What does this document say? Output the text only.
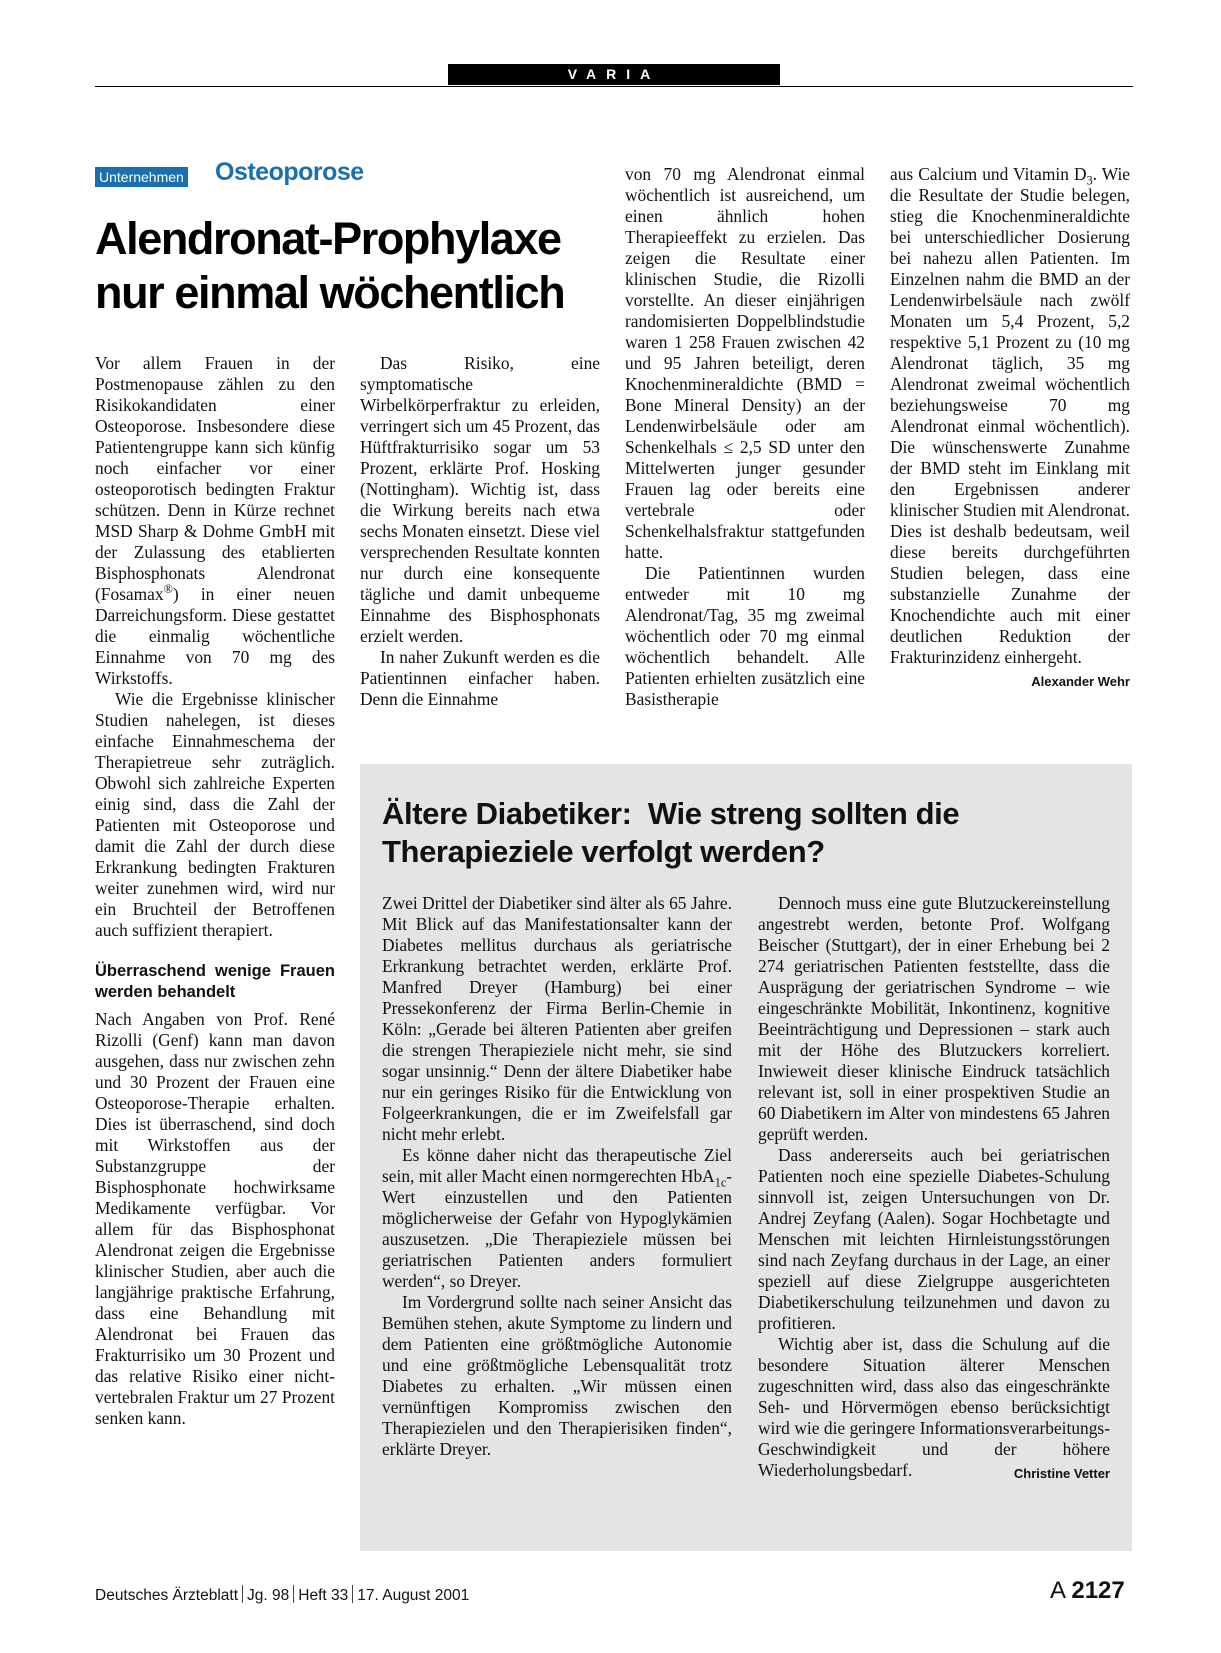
VARIA
Unternehmen Osteoporose
Alendronat-Prophylaxe
nur einmal wöchentlich

Vor allem Frauen in der Postmenopause zählen zu den Risikokandidaten einer Osteoporose. Insbesondere diese Patientengruppe kann sich künfig noch einfacher vor einer osteoporotisch bedingten Fraktur schützen. Denn in Kürze rechnet MSD Sharp & Dohme GmbH mit der Zulassung des etablierten Bisphosphonats Alendronat (Fosamax®) in einer neuen Darreichungsform. Diese gestattet die einmalig wöchentliche Einnahme von 70 mg des Wirkstoffs.

Wie die Ergebnisse klinischer Studien nahelegen, ist dieses einfache Einnahmeschema der Therapietreue sehr zuträglich. Obwohl sich zahlreiche Experten einig sind, dass die Zahl der Patienten mit Osteoporose und damit die Zahl der durch diese Erkrankung bedingten Frakturen weiter zunehmen wird, wird nur ein Bruchteil der Betroffenen auch suffizient therapiert.

Überraschend wenige Frauen werden behandelt

Nach Angaben von Prof. René Rizolli (Genf) kann man davon ausgehen, dass nur zwischen zehn und 30 Prozent der Frauen eine Osteoporose-Therapie erhalten. Dies ist überraschend, sind doch mit Wirkstoffen aus der Substanzgruppe der Bisphosphonate hochwirksame Medikamente verfügbar. Vor allem für das Bisphosphonat Alendronat zeigen die Ergebnisse klinischer Studien, aber auch die langjährige praktische Erfahrung, dass eine Behandlung mit Alendronat bei Frauen das Frakturrisiko um 30 Prozent und das relative Risiko einer nicht-vertebralen Fraktur um 27 Prozent senken kann.

Das Risiko, eine symptomatische Wirbelkörperfraktur zu erleiden, verringert sich um 45 Prozent, das Hüftfrakturrisiko sogar um 53 Prozent, erklärte Prof. Hosking (Nottingham). Wichtig ist, dass die Wirkung bereits nach etwa sechs Monaten einsetzt. Diese viel versprechenden Resultate konnten nur durch eine konsequente tägliche und damit unbequeme Einnahme des Bisphosphonats erzielt werden.

In naher Zukunft werden es die Patientinnen einfacher haben. Denn die Einnahme

von 70 mg Alendronat einmal wöchentlich ist ausreichend, um einen ähnlich hohen Therapieeffekt zu erzielen. Das zeigen die Resultate einer klinischen Studie, die Rizolli vorstellte. An dieser einjährigen randomisierten Doppelblindstudie waren 1 258 Frauen zwischen 42 und 95 Jahren beteiligt, deren Knochenmineraldichte (BMD = Bone Mineral Density) an der Lendenwirbelsäule oder am Schenkelhals ≤ 2,5 SD unter den Mittelwerten junger gesunder Frauen lag oder bereits eine vertebrale oder Schenkelhalsfraktur stattgefunden hatte.

Die Patientinnen wurden entweder mit 10 mg Alendronat/Tag, 35 mg zweimal wöchentlich oder 70 mg einmal wöchentlich behandelt. Alle Patienten erhielten zusätzlich eine Basistherapie

aus Calcium und Vitamin $D_3$. Wie die Resultate der Studie belegen, stieg die Knochenmineraldichte bei unterschiedlicher Dosierung bei nahezu allen Patienten. Im Einzelnen nahm die BMD an der Lendenwirbelsäule nach zwölf Monaten um 5,4 Prozent, 5,2 respektive 5,1 Prozent zu (10 mg Alendronat täglich, 35 mg Alendronat zweimal wöchentlich beziehungsweise 70 mg Alendronat einmal wöchentlich). Die wünschenswerte Zunahme der BMD steht im Einklang mit den Ergebnissen anderer klinischer Studien mit Alendronat. Dies ist deshalb bedeutsam, weil diese bereits durchgeführten Studien belegen, dass eine substanzielle Zunahme der Knochendichte auch mit einer deutlichen Reduktion der Frakturinzidenz einhergeht.
Alexander Wehr

Ältere Diabetiker:  Wie streng sollten die
Therapieziele verfolgt werden?

Zwei Drittel der Diabetiker sind älter als 65 Jahre. Mit Blick auf das Manifestationsalter kann der Diabetes mellitus durchaus als geriatrische Erkrankung betrachtet werden, erklärte Prof. Manfred Dreyer (Hamburg) bei einer Pressekonferenz der Firma Berlin-Chemie in Köln: „Gerade bei älteren Patienten aber greifen die strengen Therapieziele nicht mehr, sie sind sogar unsinnig.“ Denn der ältere Diabetiker habe nur ein geringes Risiko für die Entwicklung von Folgeerkrankungen, die er im Zweifelsfall gar nicht mehr erlebt.

Es könne daher nicht das therapeutische Ziel sein, mit aller Macht einen normgerechten HbA$_{1c}$-Wert einzustellen und den Patienten möglicherweise der Gefahr von Hypoglykämien auszusetzen. „Die Therapieziele müssen bei geriatrischen Patienten anders formuliert werden“, so Dreyer.

Im Vordergrund sollte nach seiner Ansicht das Bemühen stehen, akute Symptome zu lindern und dem Patienten eine größtmögliche Autonomie und eine größtmögliche Lebensqualität trotz Diabetes zu erhalten. „Wir müssen einen vernünftigen Kompromiss zwischen den Therapiezielen und den Therapierisiken finden“, erklärte Dreyer.

Dennoch muss eine gute Blutzuckereinstellung angestrebt werden, betonte Prof. Wolfgang Beischer (Stuttgart), der in einer Erhebung bei 2 274 geriatrischen Patienten feststellte, dass die Ausprägung der geriatrischen Syndrome – wie eingeschränkte Mobilität, Inkontinenz, kognitive Beeinträchtigung und Depressionen – stark auch mit der Höhe des Blutzuckers korreliert. Inwieweit dieser klinische Eindruck tatsächlich relevant ist, soll in einer prospektiven Studie an 60 Diabetikern im Alter von mindestens 65 Jahren geprüft werden.

Dass andererseits auch bei geriatrischen Patienten noch eine spezielle Diabetes-Schulung sinnvoll ist, zeigen Untersuchungen von Dr. Andrej Zeyfang (Aalen). Sogar Hochbetagte und Menschen mit leichten Hirnleistungsstörungen sind nach Zeyfang durchaus in der Lage, an einer speziell auf diese Zielgruppe ausgerichteten Diabetikerschulung teilzunehmen und davon zu profitieren.

Wichtig aber ist, dass die Schulung auf die besondere Situation älterer Menschen zugeschnitten wird, dass also das eingeschränkte Seh- und Hörvermögen ebenso berücksichtigt wird wie die geringere Informationsverarbeitungs-Geschwindigkeit und der höhere Wiederholungsbedarf.	Christine Vetter

Deutsches Ärzteblatt Jg. 98 Heft 33 17. August 2001	A 2127
